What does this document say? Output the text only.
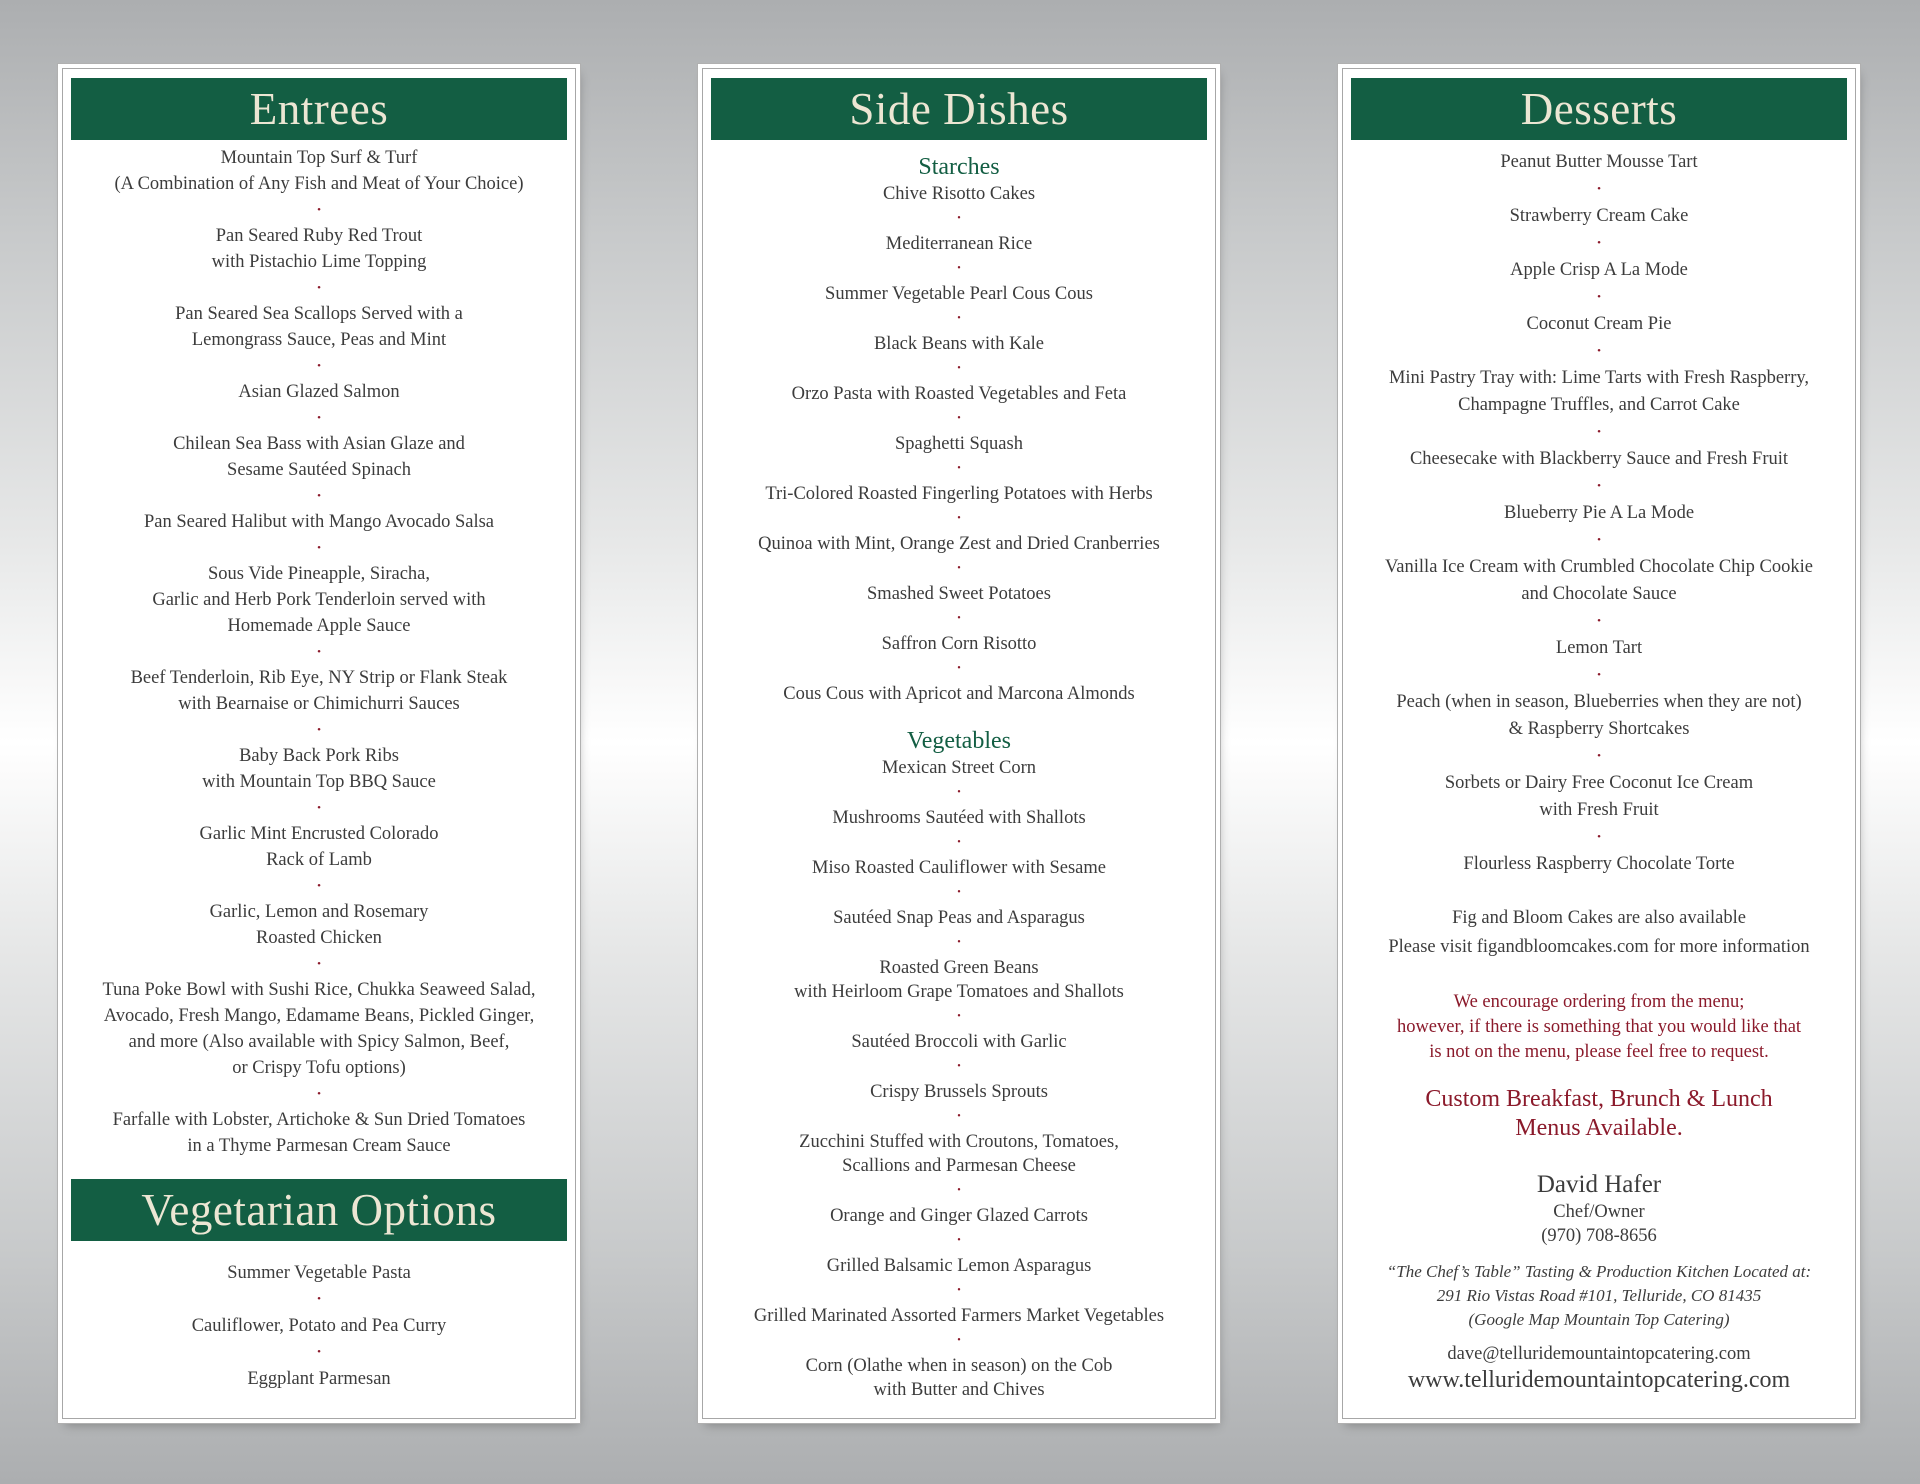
Entrees
Mountain Top Surf & Turf
(A Combination of Any Fish and Meat of Your Choice)
•
Pan Seared Ruby Red Trout
with Pistachio Lime Topping
•
Pan Seared Sea Scallops Served with a
Lemongrass Sauce, Peas and Mint
•
Asian Glazed Salmon
•
Chilean Sea Bass with Asian Glaze and
Sesame Sautéed Spinach
•
Pan Seared Halibut with Mango Avocado Salsa
•
Sous Vide Pineapple, Siracha,
Garlic and Herb Pork Tenderloin served with
Homemade Apple Sauce
•
Beef Tenderloin, Rib Eye, NY Strip or Flank Steak
with Bearnaise or Chimichurri Sauces
•
Baby Back Pork Ribs
with Mountain Top BBQ Sauce
•
Garlic Mint Encrusted Colorado
Rack of Lamb
•
Garlic, Lemon and Rosemary
Roasted Chicken
•
Tuna Poke Bowl with Sushi Rice, Chukka Seaweed Salad,
Avocado, Fresh Mango, Edamame Beans, Pickled Ginger,
and more (Also available with Spicy Salmon, Beef,
or Crispy Tofu options)
•
Farfalle with Lobster, Artichoke & Sun Dried Tomatoes
in a Thyme Parmesan Cream Sauce
Vegetarian Options
Summer Vegetable Pasta
•
Cauliflower, Potato and Pea Curry
•
Eggplant Parmesan
Side Dishes
Starches
Chive Risotto Cakes
•
Mediterranean Rice
•
Summer Vegetable Pearl Cous Cous
•
Black Beans with Kale
•
Orzo Pasta with Roasted Vegetables and Feta
•
Spaghetti Squash
•
Tri-Colored Roasted Fingerling Potatoes with Herbs
•
Quinoa with Mint, Orange Zest and Dried Cranberries
•
Smashed Sweet Potatoes
•
Saffron Corn Risotto
•
Cous Cous with Apricot and Marcona Almonds
Vegetables
Mexican Street Corn
•
Mushrooms Sautéed with Shallots
•
Miso Roasted Cauliflower with Sesame
•
Sautéed Snap Peas and Asparagus
•
Roasted Green Beans
with Heirloom Grape Tomatoes and Shallots
•
Sautéed Broccoli with Garlic
•
Crispy Brussels Sprouts
•
Zucchini Stuffed with Croutons, Tomatoes,
Scallions and Parmesan Cheese
•
Orange and Ginger Glazed Carrots
•
Grilled Balsamic Lemon Asparagus
•
Grilled Marinated Assorted Farmers Market Vegetables
•
Corn (Olathe when in season) on the Cob
with Butter and Chives
Desserts
Peanut Butter Mousse Tart
•
Strawberry Cream Cake
•
Apple Crisp A La Mode
•
Coconut Cream Pie
•
Mini Pastry Tray with: Lime Tarts with Fresh Raspberry,
Champagne Truffles, and Carrot Cake
•
Cheesecake with Blackberry Sauce and Fresh Fruit
•
Blueberry Pie A La Mode
•
Vanilla Ice Cream with Crumbled Chocolate Chip Cookie
and Chocolate Sauce
•
Lemon Tart
•
Peach (when in season, Blueberries when they are not)
& Raspberry Shortcakes
•
Sorbets or Dairy Free Coconut Ice Cream
with Fresh Fruit
•
Flourless Raspberry Chocolate Torte
Fig and Bloom Cakes are also available
Please visit figandbloomcakes.com for more information
We encourage ordering from the menu;
however, if there is something that you would like that
is not on the menu, please feel free to request.
Custom Breakfast, Brunch & Lunch
Menus Available.
David Hafer
Chef/Owner
(970) 708-8656
“The Chef’s Table” Tasting & Production Kitchen Located at:
291 Rio Vistas Road #101, Telluride, CO 81435
(Google Map Mountain Top Catering)
dave@telluridemountaintopcatering.com
www.telluridemountaintopcatering.com
